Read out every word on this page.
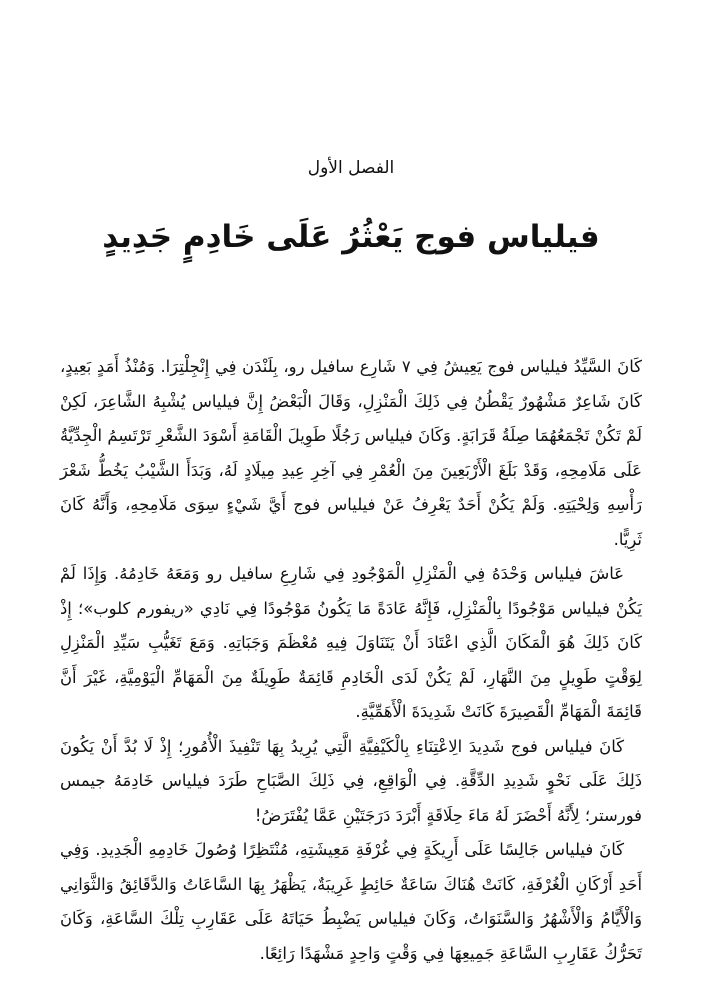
الفصل الأول
فيلياس فوج يَعْثُرُ عَلَى خَادِمٍ جَدِيدٍ

كَانَ السَّيِّدُ فيلياس فوج يَعِيشُ فِي ٧ شَارِع سافيل رو، بِلَنْدَن فِي إِنْجِلْتِرَا. وَمُنْذُ أَمَدٍ بَعِيدٍ، كَانَ شَاعِرٌ مَشْهُورٌ يَقْطُنُ فِي ذَلِكَ الْمَنْزِلِ، وَقَالَ الْبَعْضُ إِنَّ فيلياس يُشْبِهُ الشَّاعِرَ، لَكِنْ لَمْ تَكُنْ تَجْمَعُهُمَا صِلَةُ قَرَابَةٍ. وَكَانَ فيلياس رَجُلًا طَوِيلَ الْقَامَةِ أَسْوَدَ الشَّعْرِ تَرْتَسِمُ الْجِدِّيَّةُ عَلَى مَلَامِحِهِ، وَقَدْ بَلَغَ الْأَرْبَعِينَ مِنَ الْعُمْرِ فِي آخِرِ عِيدِ مِيلَادٍ لَهُ، وَبَدَأَ الشَّيْبُ يَخُطُّ شَعْرَ رَأْسِهِ وَلِحْيَتِهِ. وَلَمْ يَكُنْ أَحَدٌ يَعْرِفُ عَنْ فيلياس فوج أَيَّ شَيْءٍ سِوَى مَلَامِحِهِ، وَأَنَّهُ كَانَ ثَرِيًّا.

عَاشَ فيلياس وَحْدَهُ فِي الْمَنْزِلِ الْمَوْجُودِ فِي شَارِعِ سافيل رو وَمَعَهُ خَادِمُهُ. وَإِذَا لَمْ يَكُنْ فيلياس مَوْجُودًا بِالْمَنْزِلِ، فَإِنَّهُ عَادَةً مَا يَكُونُ مَوْجُودًا فِي نَادِي «ريفورم كلوب»؛ إِذْ كَانَ ذَلِكَ هُوَ الْمَكَانَ الَّذِي اعْتَادَ أَنْ يَتَنَاوَلَ فِيهِ مُعْظَمَ وَجَبَاتِهِ. وَمَعَ تَغَيُّبِ سَيِّدِ الْمَنْزِلِ لِوَقْتٍ طَوِيلٍ مِنَ النَّهَارِ، لَمْ يَكُنْ لَدَى الْخَادِمِ قَائِمَةٌ طَوِيلَةٌ مِنَ الْمَهَامِّ الْيَوْمِيَّةِ، غَيْرَ أَنَّ قَائِمَةَ الْمَهَامِّ الْقَصِيرَةَ كَانَتْ شَدِيدَةَ الْأَهَمِّيَّةِ.

كَانَ فيلياس فوج شَدِيدَ الِاعْتِنَاءِ بِالْكَيْفِيَّةِ الَّتِي يُرِيدُ بِهَا تَنْفِيذَ الْأُمُورِ؛ إِذْ لَا بُدَّ أَنْ يَكُونَ ذَلِكَ عَلَى نَحْوٍ شَدِيدِ الدِّقَّةِ. فِي الْوَاقِعِ، فِي ذَلِكَ الصَّبَاحِ طَرَدَ فيلياس خَادِمَهُ جيمس فورستر؛ لِأَنَّهُ أَحْضَرَ لَهُ مَاءَ حِلَاقَةٍ أَبْرَدَ دَرَجَتَيْنِ عَمَّا يُفْتَرَضُ!

كَانَ فيلياس جَالِسًا عَلَى أَرِيكَةٍ فِي غُرْفَةِ مَعِيشَتِهِ، مُنْتَظِرًا وُصُولَ خَادِمِهِ الْجَدِيدِ. وَفِي أَحَدِ أَرْكَانِ الْغُرْفَةِ، كَانَتْ هُنَاكَ سَاعَةٌ حَائِطٍ غَرِيبَةٌ، يَظْهَرُ بِهَا السَّاعَاتُ وَالدَّقَائِقُ وَالثَّوَانِي وَالْأَيَّامُ وَالْأَشْهُرُ وَالسَّنَوَاتُ، وَكَانَ فيلياس يَضْبِطُ حَيَاتَهُ عَلَى عَقَارِبِ تِلْكَ السَّاعَةِ، وَكَانَ تَحَرُّكُ عَقَارِبِ السَّاعَةِ جَمِيعِهَا فِي وَقْتٍ وَاحِدٍ مَشْهَدًا رَائِعًا.
